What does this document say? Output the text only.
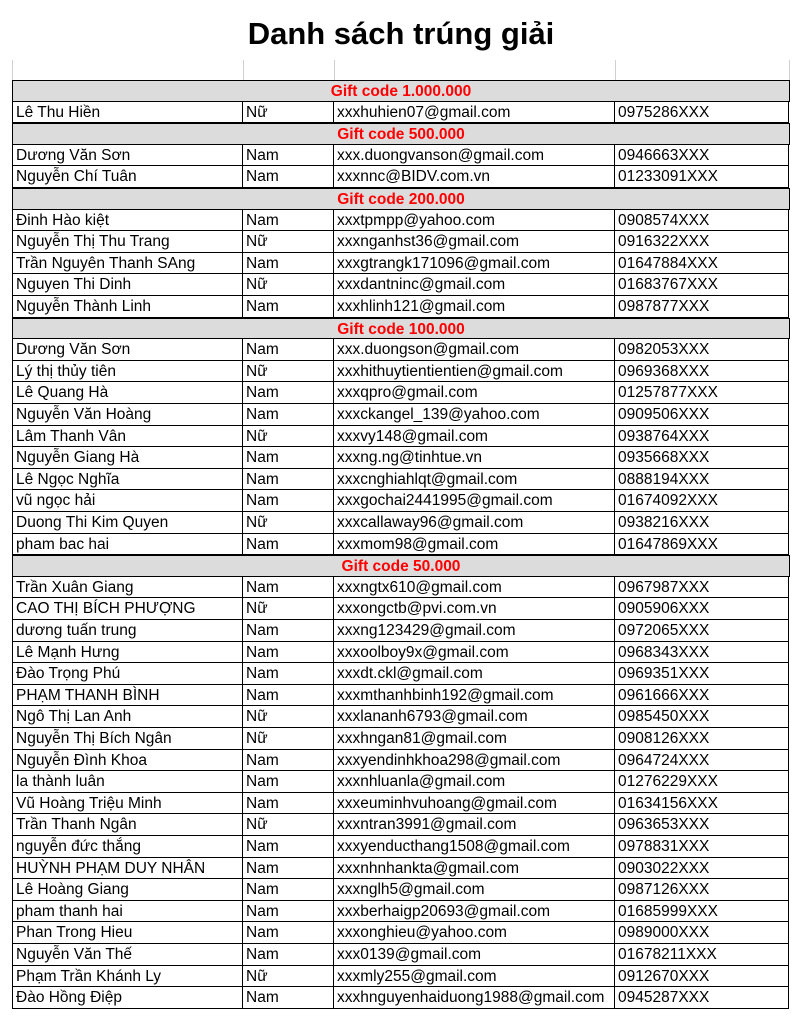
Danh sách trúng giải
Gift code 1.000.000
Lê Thu Hiền	Nữ	xxxhuhien07@gmail.com	0975286XXX
Gift code 500.000
Dương Văn Sơn	Nam	xxx.duongvanson@gmail.com	0946663XXX
Nguyễn Chí Tuân	Nam	xxxnnc@BIDV.com.vn	01233091XXX
Gift code 200.000
Đinh Hào kiệt	Nam	xxxtpmpp@yahoo.com	0908574XXX
Nguyễn Thị Thu Trang	Nữ	xxxnganhst36@gmail.com	0916322XXX
Trần Nguyên Thanh SAng	Nam	xxxgtrangk171096@gmail.com	01647884XXX
Nguyen Thi Dinh	Nữ	xxxdantninc@gmail.com	01683767XXX
Nguyễn Thành Linh	Nam	xxxhlinh121@gmail.com	0987877XXX
Gift code 100.000
Dương Văn Sơn	Nam	xxx.duongson@gmail.com	0982053XXX
Lý thị thủy tiên	Nữ	xxxhithuytientientien@gmail.com	0969368XXX
Lê Quang Hà	Nam	xxxqpro@gmail.com	01257877XXX
Nguyễn Văn Hoàng	Nam	xxxckangel_139@yahoo.com	0909506XXX
Lâm Thanh Vân	Nữ	xxxvy148@gmail.com	0938764XXX
Nguyễn Giang Hà	Nam	xxxng.ng@tinhtue.vn	0935668XXX
Lê Ngọc Nghĩa	Nam	xxxcnghiahlqt@gmail.com	0888194XXX
vũ ngọc hải	Nam	xxxgochai2441995@gmail.com	01674092XXX
Duong Thi Kim Quyen	Nữ	xxxcallaway96@gmail.com	0938216XXX
pham bac hai	Nam	xxxmom98@gmail.com	01647869XXX
Gift code 50.000
Trần Xuân Giang	Nam	xxxngtx610@gmail.com	0967987XXX
CAO THỊ BÍCH PHƯỢNG	Nữ	xxxongctb@pvi.com.vn	0905906XXX
dương tuấn trung	Nam	xxxng123429@gmail.com	0972065XXX
Lê Mạnh Hưng	Nam	xxxoolboy9x@gmail.com	0968343XXX
Đào Trọng Phú	Nam	xxxdt.ckl@gmail.com	0969351XXX
PHẠM THANH BÌNH	Nam	xxxmthanhbinh192@gmail.com	0961666XXX
Ngô Thị Lan Anh	Nữ	xxxlananh6793@gmail.com	0985450XXX
Nguyễn Thị Bích Ngân	Nữ	xxxhngan81@gmail.com	0908126XXX
Nguyễn Đình Khoa	Nam	xxxyendinhkhoa298@gmail.com	0964724XXX
la thành luân	Nam	xxxnhluanla@gmail.com	01276229XXX
Vũ Hoàng Triệu Minh	Nam	xxxeuminhvuhoang@gmail.com	01634156XXX
Trần Thanh Ngân	Nữ	xxxntran3991@gmail.com	0963653XXX
nguyễn đức thắng	Nam	xxxyenducthang1508@gmail.com	0978831XXX
HUỲNH PHẠM DUY NHÂN	Nam	xxxnhnhankta@gmail.com	0903022XXX
Lê Hoàng Giang	Nam	xxxnglh5@gmail.com	0987126XXX
pham thanh hai	Nam	xxxberhaigp20693@gmail.com	01685999XXX
Phan Trong Hieu	Nam	xxxonghieu@yahoo.com	0989000XXX
Nguyễn Văn Thế	Nam	xxx0139@gmail.com	01678211XXX
Phạm Trần Khánh Ly	Nữ	xxxmly255@gmail.com	0912670XXX
Đào Hồng Điệp	Nam	xxxhnguyenhaiduong1988@gmail.com 0945287XXX
